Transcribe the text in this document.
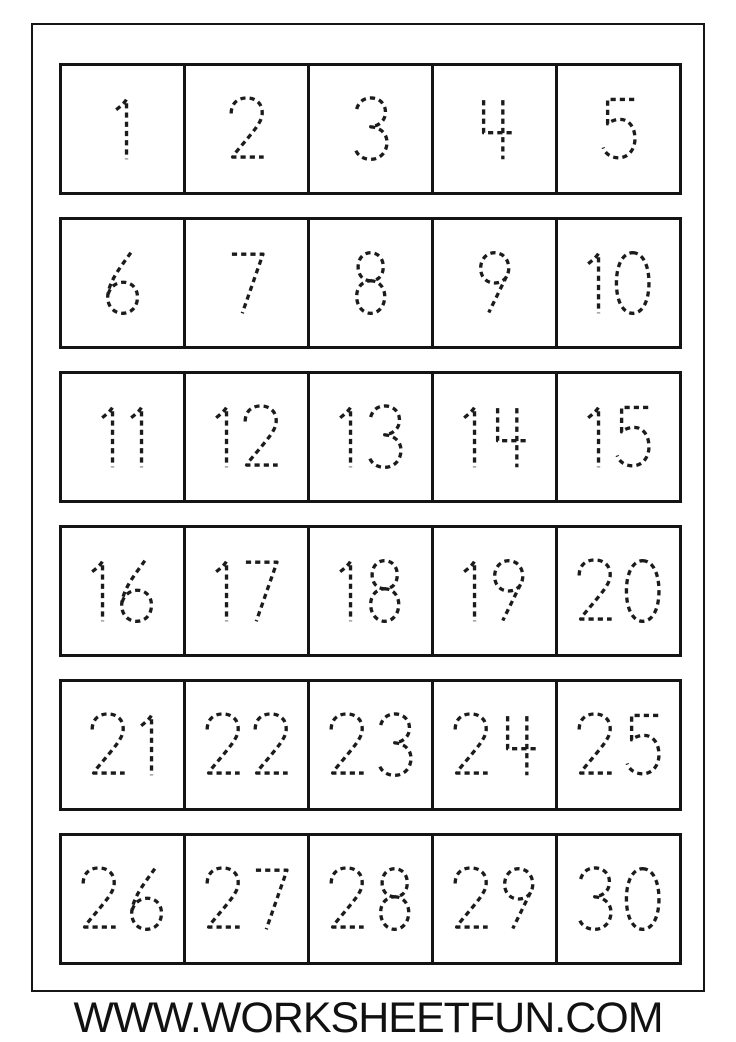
WWW.WORKSHEETFUN.COM
